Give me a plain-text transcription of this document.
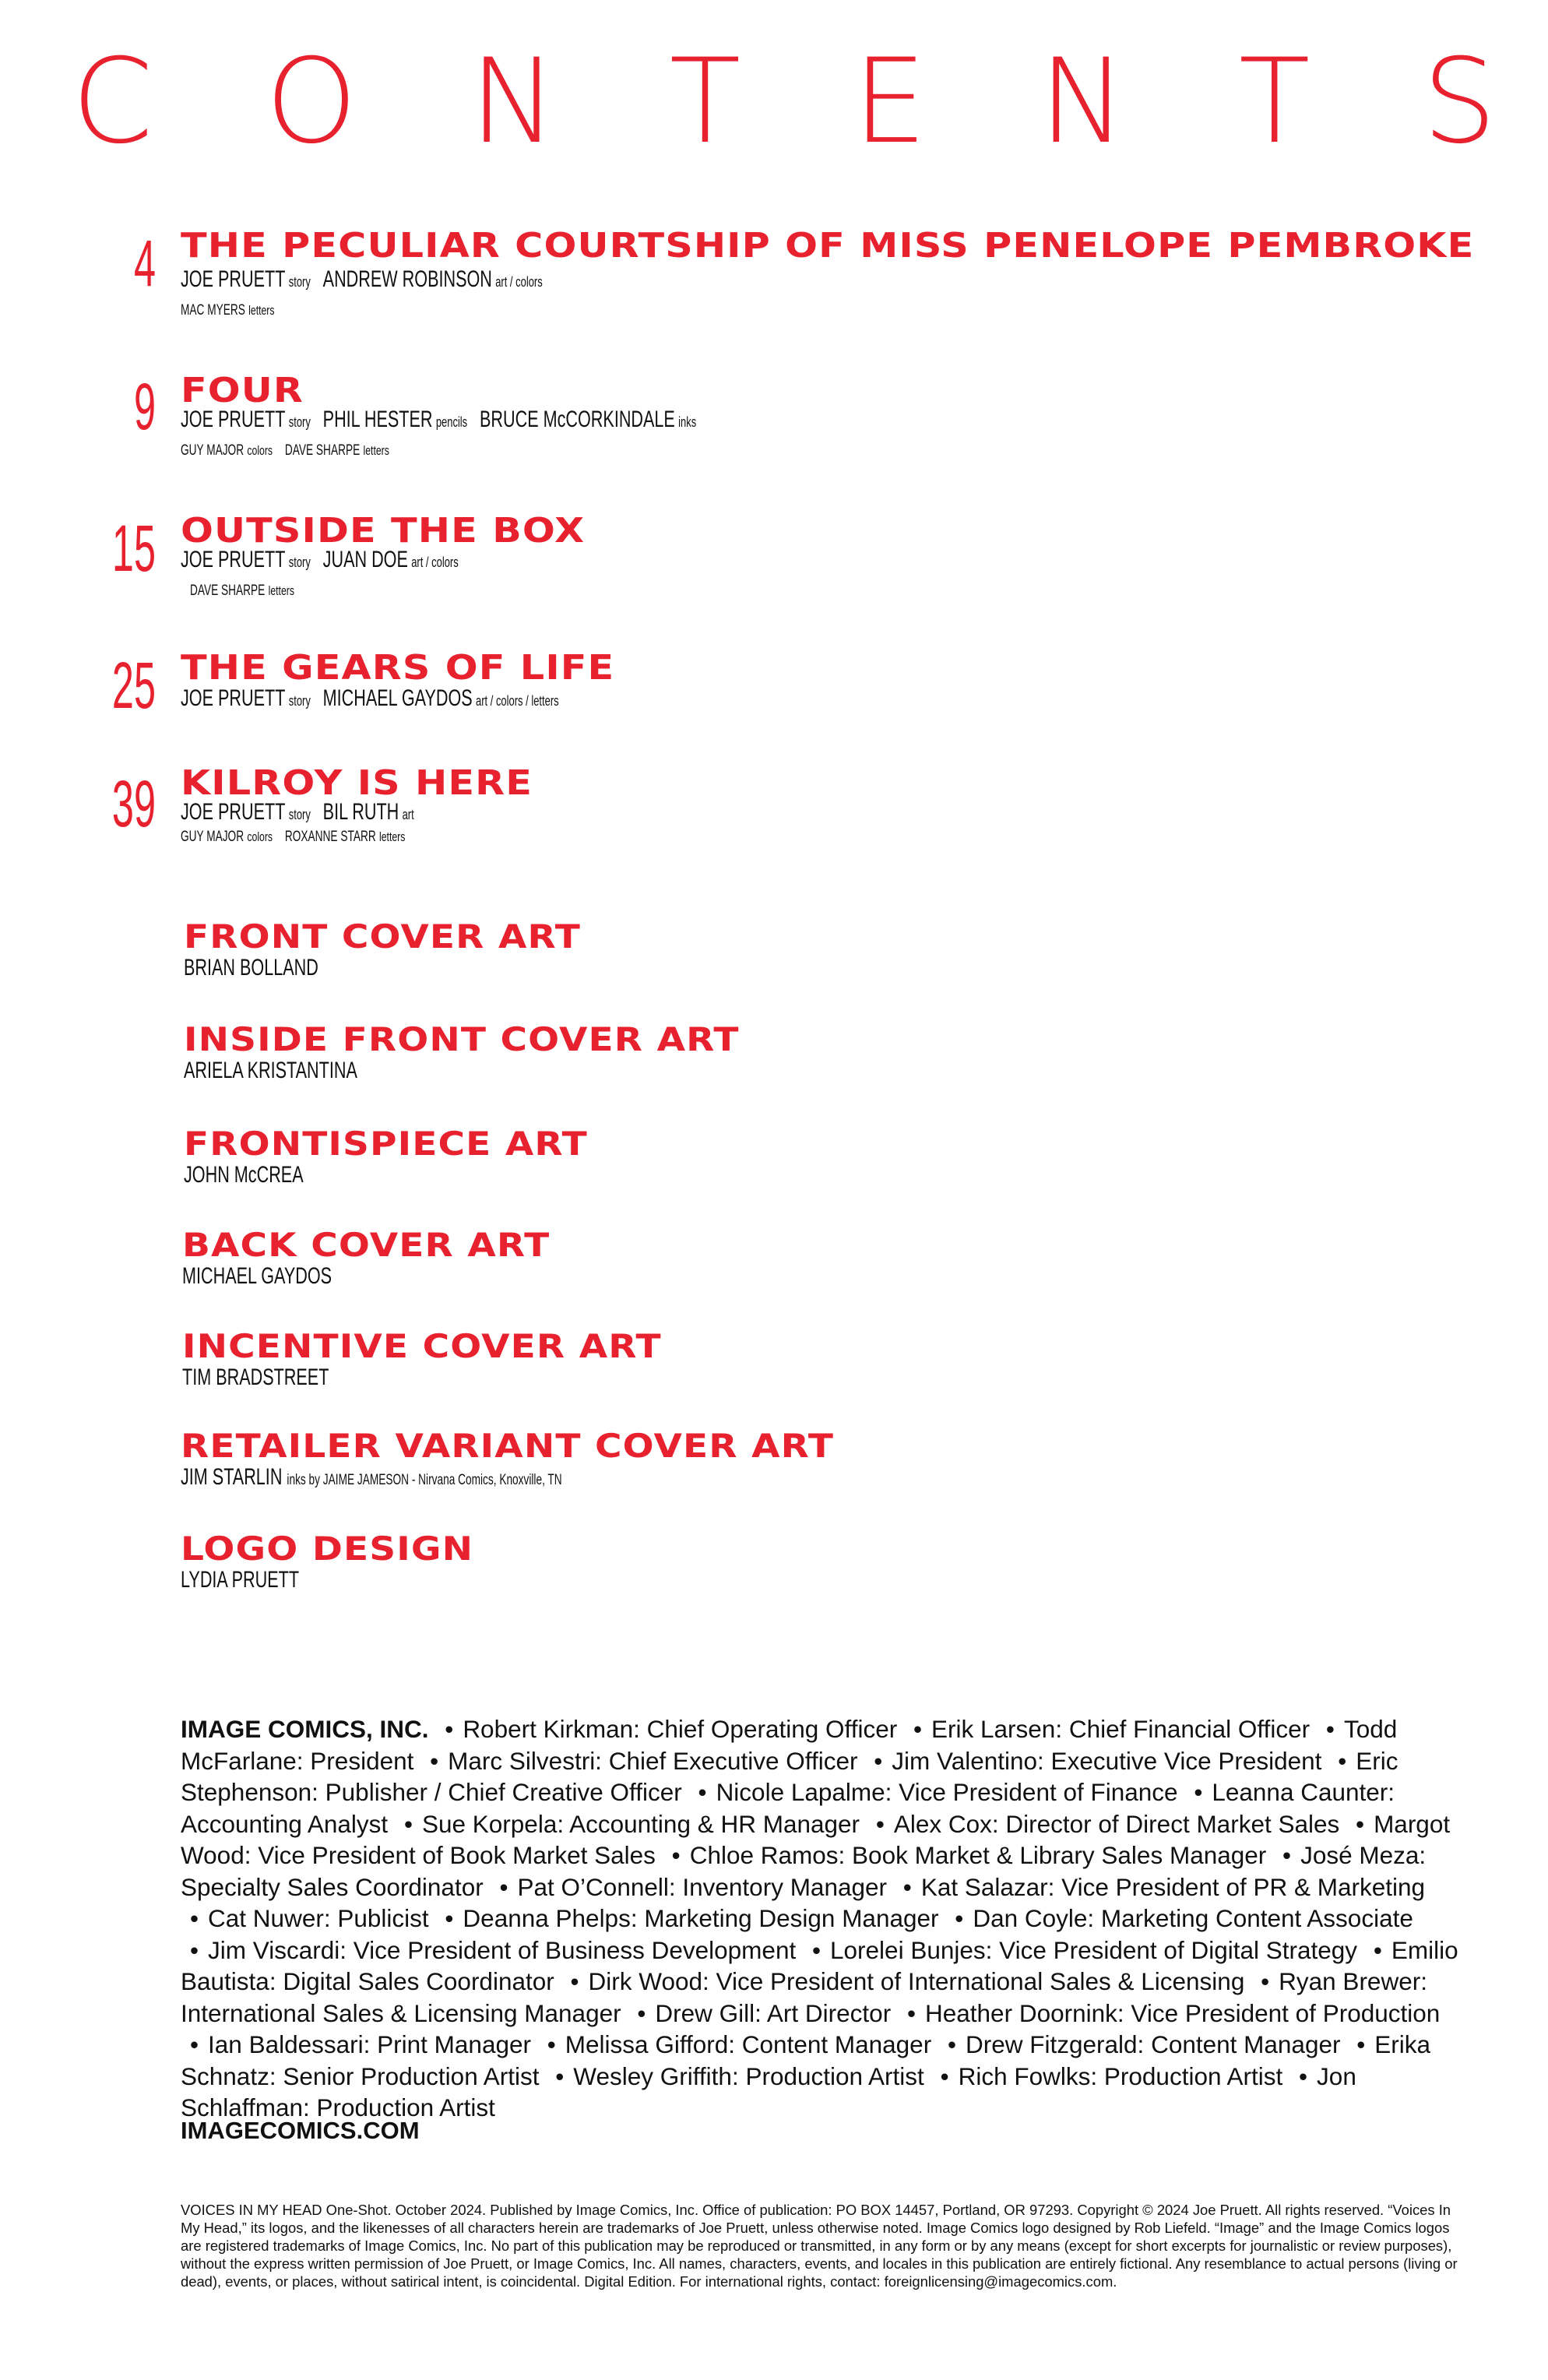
C O N T E N T S
4 THE PECULIAR COURTSHIP OF MISS PENELOPE PEMBROKE
JOE PRUETT story ANDREW ROBINSON art / colors
MAC MYERS letters
9 FOUR
JOE PRUETT story PHIL HESTER pencils BRUCE McCORKINDALE inks
GUY MAJOR colors DAVE SHARPE letters
15 OUTSIDE THE BOX
JOE PRUETT story JUAN DOE art / colors
DAVE SHARPE letters
25 THE GEARS OF LIFE
JOE PRUETT story MICHAEL GAYDOS art / colors / letters
39 KILROY IS HERE
JOE PRUETT story BIL RUTH art
GUY MAJOR colors ROXANNE STARR letters
FRONT COVER ART
BRIAN BOLLAND
INSIDE FRONT COVER ART
ARIELA KRISTANTINA
FRONTISPIECE ART
JOHN McCREA
BACK COVER ART
MICHAEL GAYDOS
INCENTIVE COVER ART
TIM BRADSTREET
RETAILER VARIANT COVER ART
JIM STARLIN inks by JAIME JAMESON - Nirvana Comics, Knoxville, TN
LOGO DESIGN
LYDIA PRUETT
IMAGE COMICS, INC. • Robert Kirkman: Chief Operating Officer • Erik Larsen: Chief Financial Officer • Todd McFarlane: President • Marc Silvestri: Chief Executive Officer • Jim Valentino: Executive Vice President • Eric Stephenson: Publisher / Chief Creative Officer • Nicole Lapalme: Vice President of Finance • Leanna Caunter: Accounting Analyst • Sue Korpela: Accounting & HR Manager • Alex Cox: Director of Direct Market Sales • Margot Wood: Vice President of Book Market Sales • Chloe Ramos: Book Market & Library Sales Manager • José Meza: Specialty Sales Coordinator • Pat O’Connell: Inventory Manager • Kat Salazar: Vice President of PR & Marketing • Cat Nuwer: Publicist • Deanna Phelps: Marketing Design Manager • Dan Coyle: Marketing Content Associate • Jim Viscardi: Vice President of Business Development • Lorelei Bunjes: Vice President of Digital Strategy • Emilio Bautista: Digital Sales Coordinator • Dirk Wood: Vice President of International Sales & Licensing • Ryan Brewer: International Sales & Licensing Manager • Drew Gill: Art Director • Heather Doornink: Vice President of Production • Ian Baldessari: Print Manager • Melissa Gifford: Content Manager • Drew Fitzgerald: Content Manager • Erika Schnatz: Senior Production Artist • Wesley Griffith: Production Artist • Rich Fowlks: Production Artist • Jon Schlaffman: Production Artist
IMAGECOMICS.COM
VOICES IN MY HEAD One-Shot. October 2024. Published by Image Comics, Inc. Office of publication: PO BOX 14457, Portland, OR 97293. Copyright © 2024 Joe Pruett. All rights reserved. “Voices In My Head,” its logos, and the likenesses of all characters herein are trademarks of Joe Pruett, unless otherwise noted. Image Comics logo designed by Rob Liefeld. “Image” and the Image Comics logos are registered trademarks of Image Comics, Inc. No part of this publication may be reproduced or transmitted, in any form or by any means (except for short excerpts for journalistic or review purposes), without the express written permission of Joe Pruett, or Image Comics, Inc. All names, characters, events, and locales in this publication are entirely fictional. Any resemblance to actual persons (living or dead), events, or places, without satirical intent, is coincidental. Digital Edition. For international rights, contact: foreignlicensing@imagecomics.com.
